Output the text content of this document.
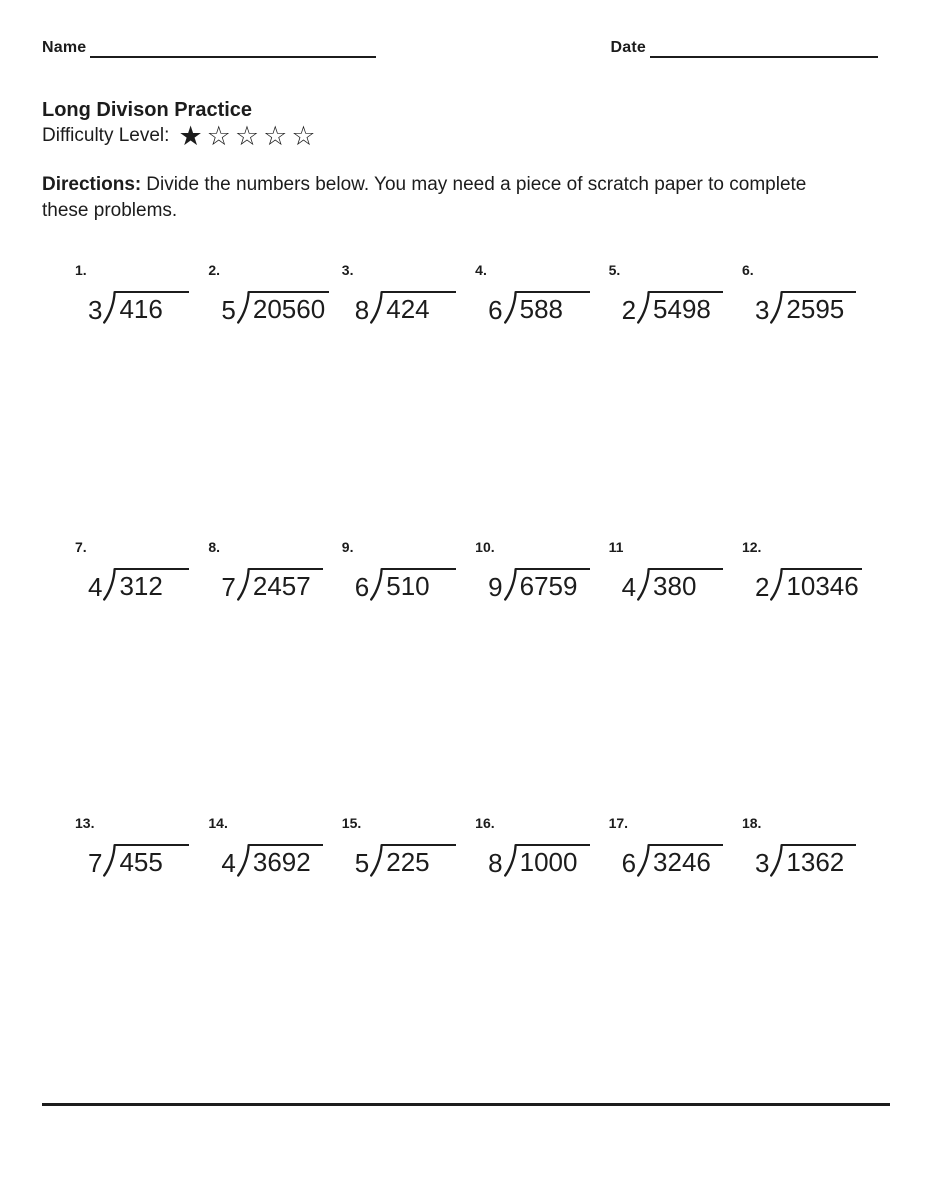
Name	Date
Long Divison Practice
Difficulty Level: ★☆☆☆☆
Directions: Divide the numbers below. You may need a piece of scratch paper to complete these problems.
1.
3 416
2.
5 20560
3.
8 424
4.
6 588
5.
2 5498
6.
3 2595
7.
4 312
8.
7 2457
9.
6 510
10.
9 6759
11
4 380
12.
2 10346
13.
7 455
14.
4 3692
15.
5 225
16.
8 1000
17.
6 3246
18.
3 1362
